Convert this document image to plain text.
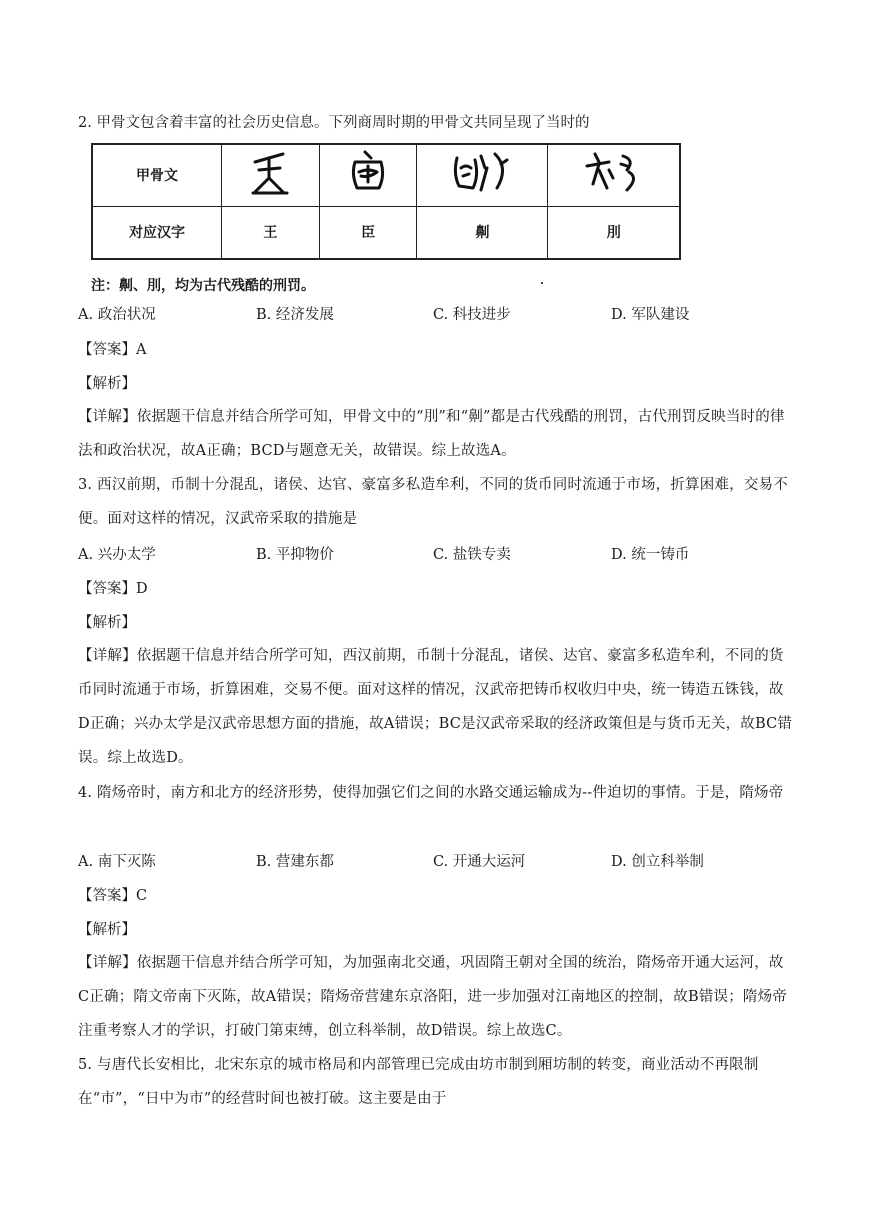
2. 甲骨文包含着丰富的社会历史信息。下列商周时期的甲骨文共同呈现了当时的
甲骨文				
对应汉字	王	臣	劓	刖
注：劓、刖，均为古代残酷的刑罚。
A. 政治状况	B. 经济发展	C. 科技进步	D. 军队建设
【答案】A
【解析】
【详解】依据题干信息并结合所学可知，甲骨文中的“刖”和“劓”都是古代残酷的刑罚，古代刑罚反映当时的律法和政治状况，故A正确；BCD与题意无关，故错误。综上故选A。
3. 西汉前期，币制十分混乱，诸侯、达官、豪富多私造牟利，不同的货币同时流通于市场，折算困难，交易不便。面对这样的情况，汉武帝采取的措施是
A. 兴办太学	B. 平抑物价	C. 盐铁专卖	D. 统一铸币
【答案】D
【解析】
【详解】依据题干信息并结合所学可知，西汉前期，币制十分混乱，诸侯、达官、豪富多私造牟利，不同的货币同时流通于市场，折算困难，交易不便。面对这样的情况，汉武帝把铸币权收归中央，统一铸造五铢钱，故D正确；兴办太学是汉武帝思想方面的措施，故A错误；BC是汉武帝采取的经济政策但是与货币无关，故BC错误。综上故选D。
4. 隋炀帝时，南方和北方的经济形势，使得加强它们之间的水路交通运输成为--件迫切的事情。于是，隋炀帝
A. 南下灭陈	B. 营建东都	C. 开通大运河	D. 创立科举制
【答案】C
【解析】
【详解】依据题干信息并结合所学可知，为加强南北交通，巩固隋王朝对全国的统治，隋炀帝开通大运河，故C正确；隋文帝南下灭陈，故A错误；隋炀帝营建东京洛阳，进一步加强对江南地区的控制，故B错误；隋炀帝注重考察人才的学识，打破门第束缚，创立科举制，故D错误。综上故选C。
5. 与唐代长安相比，北宋东京的城市格局和内部管理已完成由坊市制到厢坊制的转变，商业活动不再限制在“市”，“日中为市”的经营时间也被打破。这主要是由于
